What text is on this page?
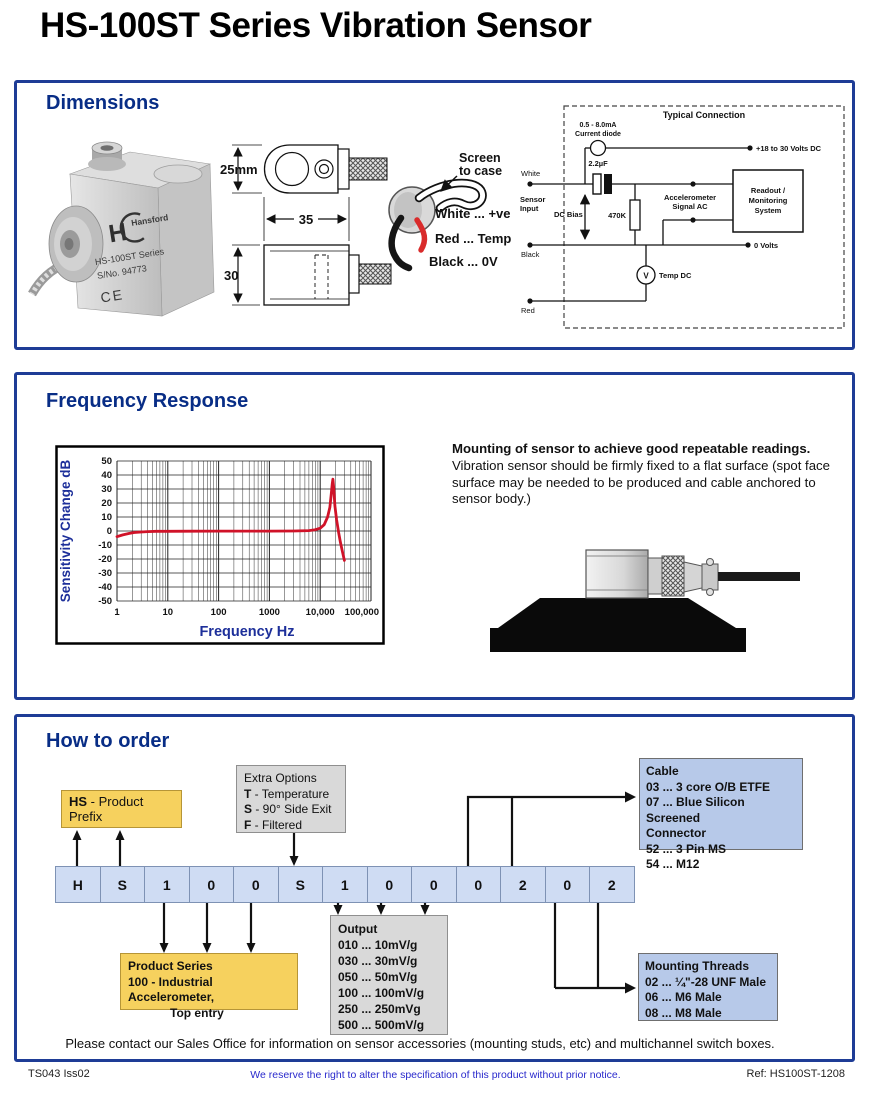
HS-100ST Series Vibration Sensor
Dimensions
H Hansford
HS-100ST Series
S/No. 94773
CE
25mm
35
30
Screen
to case
White ... +ve
Red ... Temp
Black ... 0V
Typical Connection
0.5 - 8.0mA
Current diode
+18 to 30 Volts DC
2.2µF
White
Sensor
Input
DC Bias	470K
Accelerometer
Signal AC
Readout /
Monitoring
System
0 Volts
Black
V Temp DC
Red
Frequency Response
50
40
30
20
10
0
-10
-20
-30
-40
-50
1	10	100	1000	10,000 100,000
Sensitivity Change dB
Frequency Hz
Mounting of sensor to achieve good repeatable readings.
Vibration sensor should be firmly fixed to a flat surface (spot face surface may be needed to be produced and cable anchored to sensor body.)
How to order
HS - Product Prefix
Extra Options
T - Temperature
S - 90° Side Exit
F - Filtered
Cable
03 ... 3 core O/B ETFE
07 ... Blue Silicon Screened
Connector
52 ... 3 Pin MS
54 ... M12
H	S	1	0	0	S	1	0	0	0	2	0	2
Product Series
100 - Industrial Accelerometer,
Top entry
Output
010 ... 10mV/g
030 ... 30mV/g
050 ... 50mV/g
100 ... 100mV/g
250 ... 250mVg
500 ... 500mV/g
Mounting Threads
02 ... ¼"-28 UNF Male
06 ... M6 Male
08 ... M8 Male
Please contact our Sales Office for information on sensor accessories (mounting studs, etc) and multichannel switch boxes.
TS043 Iss02	We reserve the right to alter the specification of this product without prior notice.	Ref: HS100ST-1208
